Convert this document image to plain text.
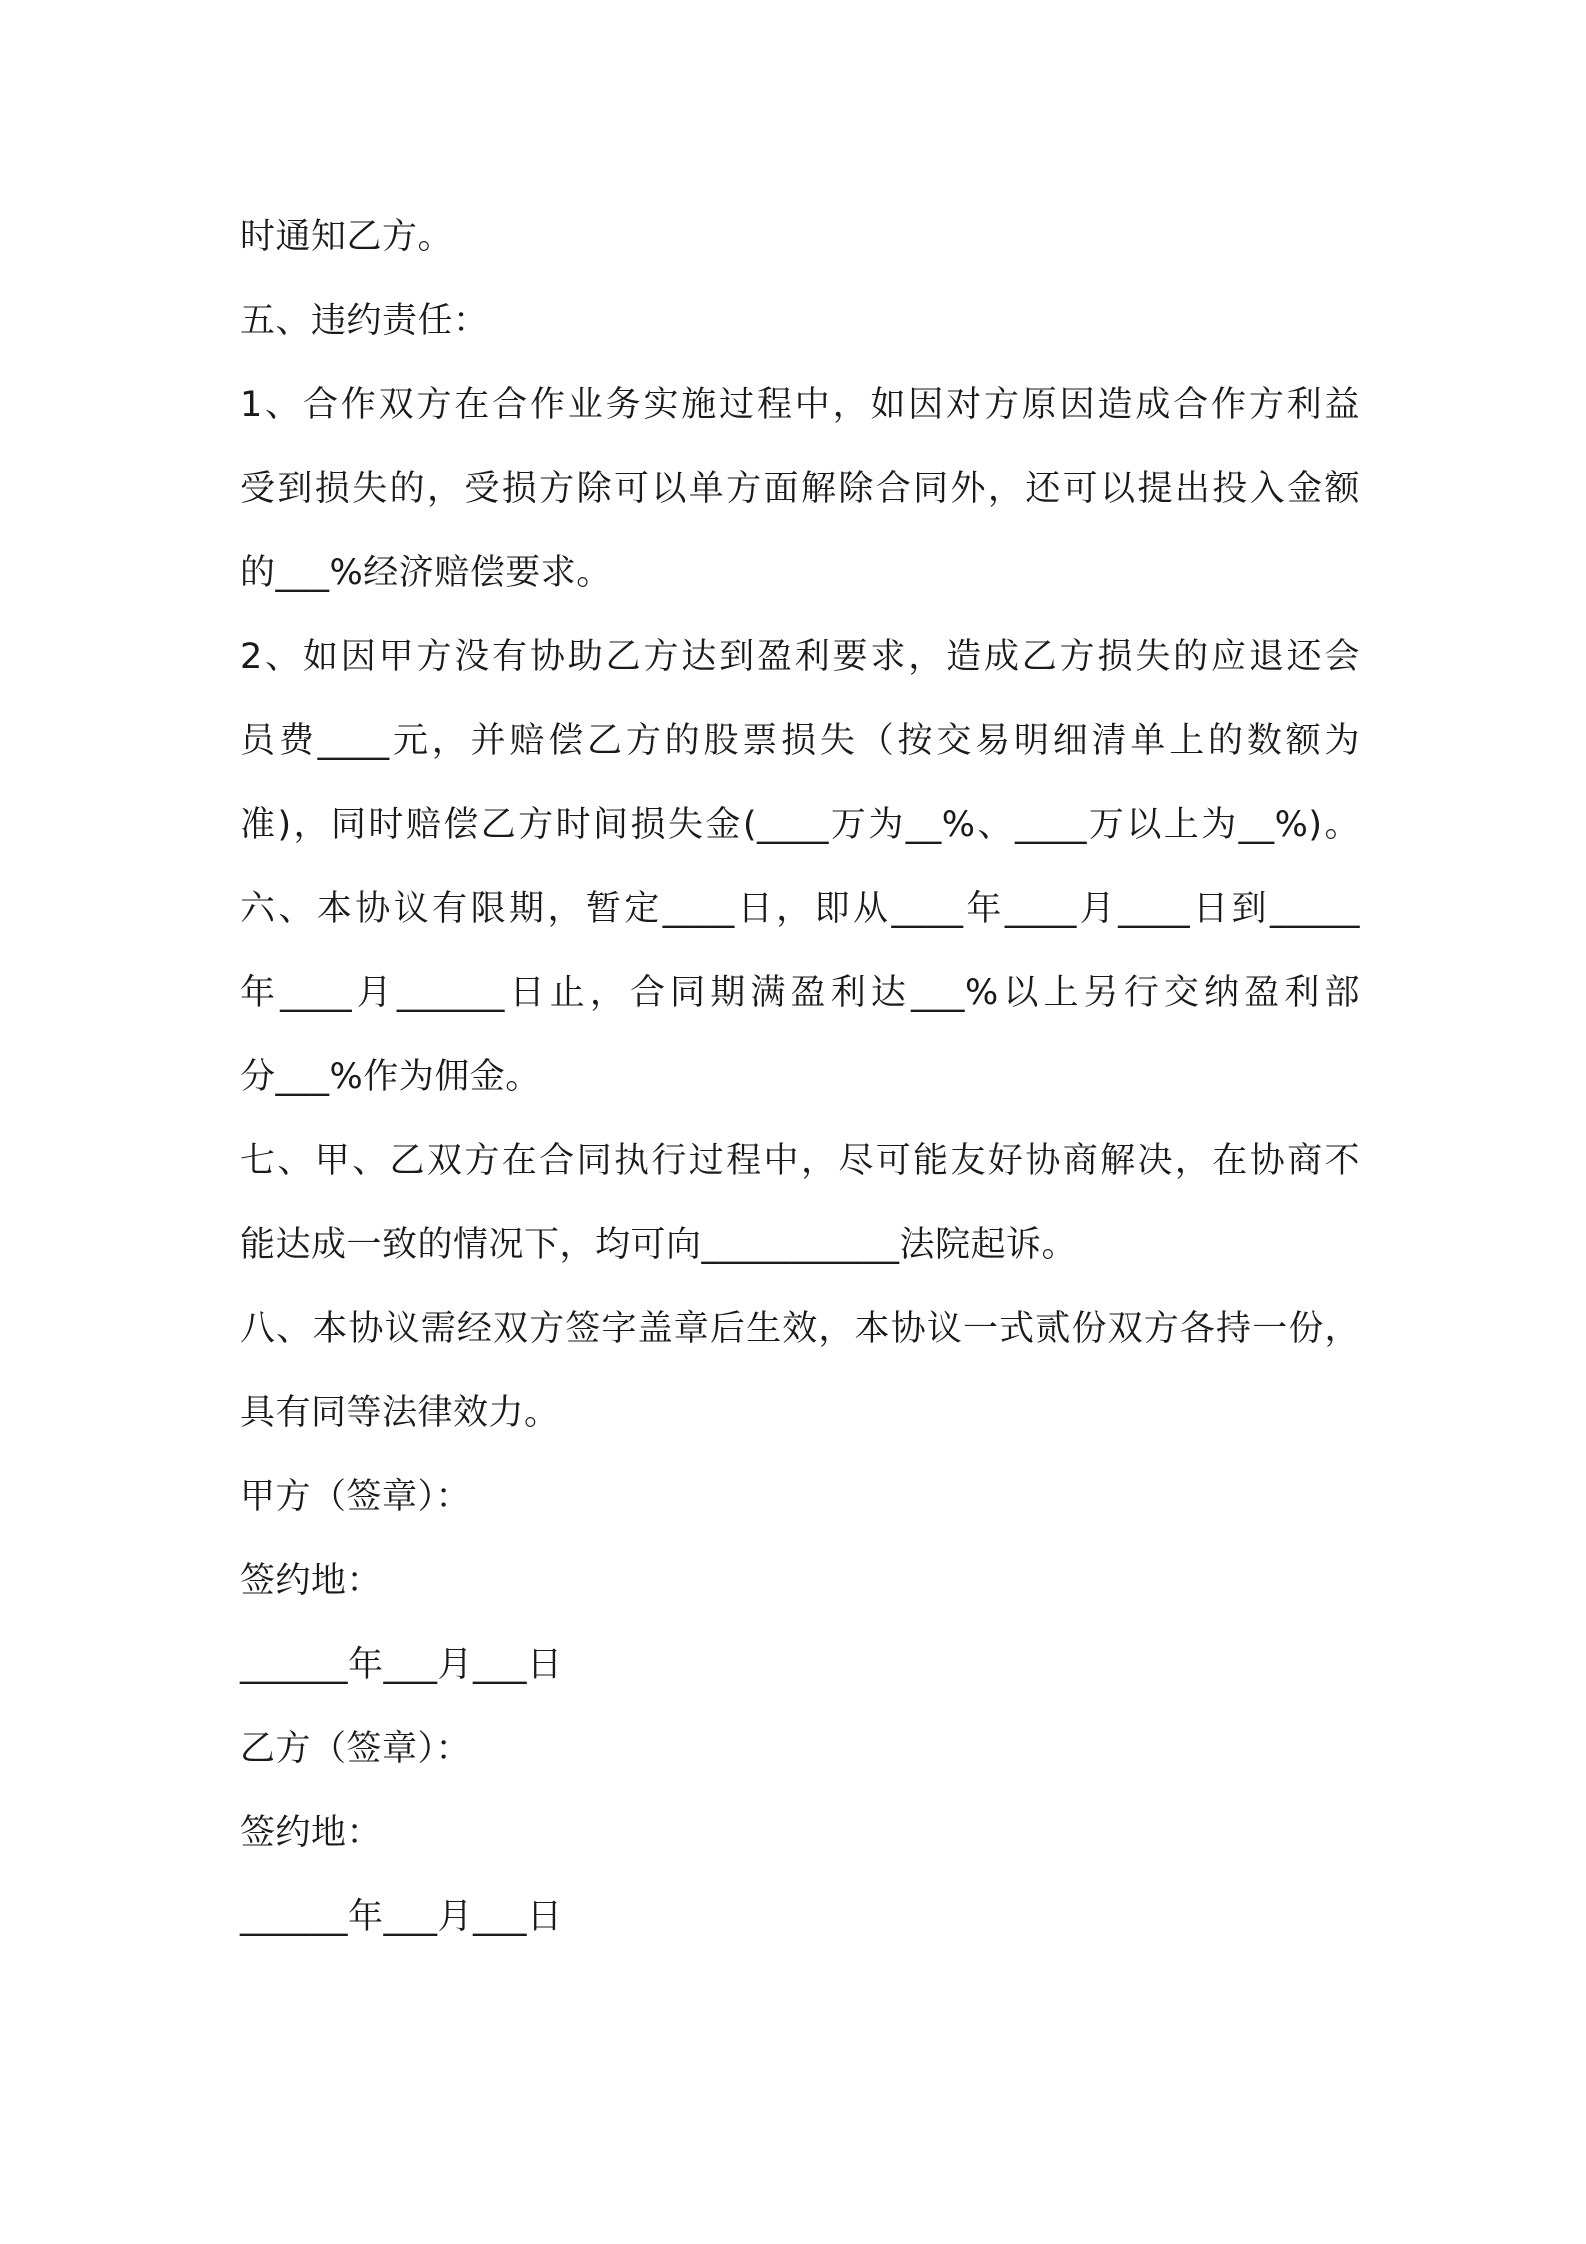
时通知乙方。
五、违约责任：
1、合作双方在合作业务实施过程中，如因对方原因造成合作方利益
受到损失的，受损方除可以单方面解除合同外，还可以提出投入金额
的___%经济赔偿要求。
2、如因甲方没有协助乙方达到盈利要求，造成乙方损失的应退还会
员费____元，并赔偿乙方的股票损失（按交易明细清单上的数额为
准)，同时赔偿乙方时间损失金(____万为__%、____万以上为__%)。
六、本协议有限期，暂定____日，即从____年____月____日到_____
年____月______日止，合同期满盈利达___%以上另行交纳盈利部
分___%作为佣金。
七、甲、乙双方在合同执行过程中，尽可能友好协商解决，在协商不
能达成一致的情况下，均可向___________法院起诉。
八、本协议需经双方签字盖章后生效，本协议一式贰份双方各持一份，
具有同等法律效力。
甲方（签章）：
签约地：
______年___月___日
乙方（签章）：
签约地：
______年___月___日
